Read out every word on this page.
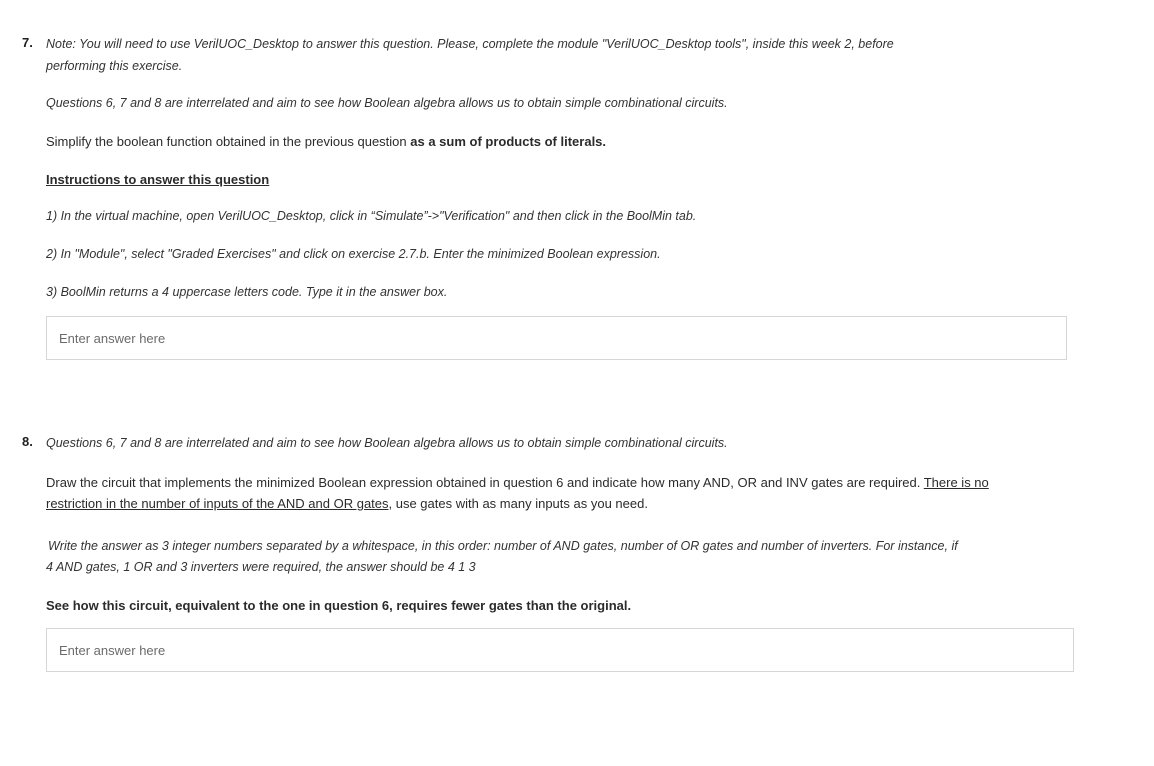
7. Note: You will need to use VerilUOC_Desktop to answer this question. Please, complete the module "VerilUOC_Desktop tools", inside this week 2, before
performing this exercise.
Questions 6, 7 and 8 are interrelated and aim to see how Boolean algebra allows us to obtain simple combinational circuits.
Simplify the boolean function obtained in the previous question as a sum of products of literals.
Instructions to answer this question
1) In the virtual machine, open VerilUOC_Desktop, click in “Simulate”->"Verification" and then click in the BoolMin tab.
2) In "Module", select "Graded Exercises" and click on exercise 2.7.b. Enter the minimized Boolean expression.
3) BoolMin returns a 4 uppercase letters code. Type it in the answer box.
Enter answer here
8. Questions 6, 7 and 8 are interrelated and aim to see how Boolean algebra allows us to obtain simple combinational circuits.
Draw the circuit that implements the minimized Boolean expression obtained in question 6 and indicate how many AND, OR and INV gates are required. There is no
restriction in the number of inputs of the AND and OR gates, use gates with as many inputs as you need.
Write the answer as 3 integer numbers separated by a whitespace, in this order: number of AND gates, number of OR gates and number of inverters. For instance, if
4 AND gates, 1 OR and 3 inverters were required, the answer should be 4 1 3
See how this circuit, equivalent to the one in question 6, requires fewer gates than the original.
Enter answer here
